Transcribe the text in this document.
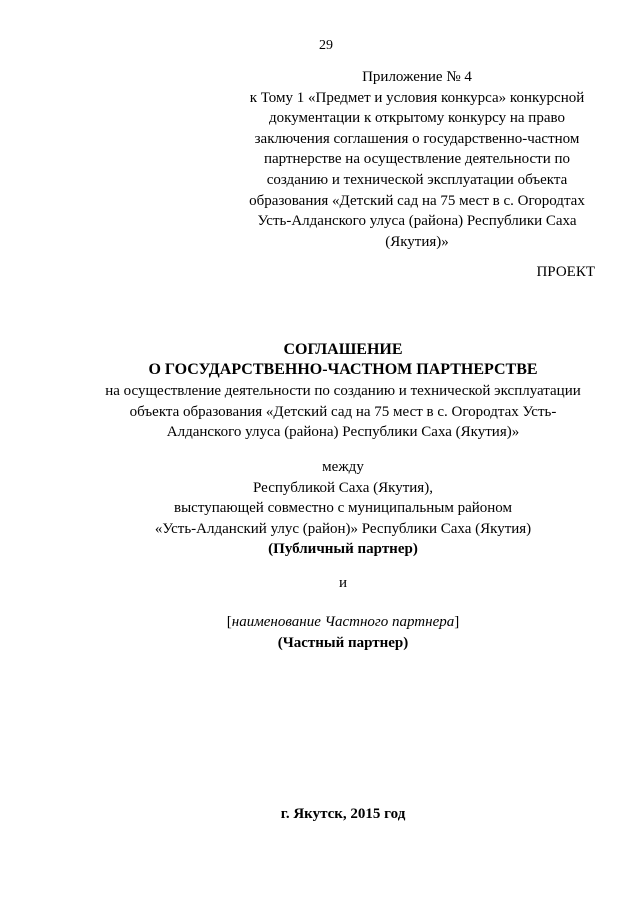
29
Приложение № 4
к Тому 1 «Предмет и условия конкурса» конкурсной
документации к открытому конкурсу на право
заключения соглашения о государственно-частном
партнерстве на осуществление деятельности по
созданию и технической эксплуатации объекта
образования «Детский сад на 75 мест в с. Огородтах
Усть-Алданского улуса (района) Республики Саха
(Якутия)»
ПРОЕКТ
СОГЛАШЕНИЕ
О ГОСУДАРСТВЕННО-ЧАСТНОМ ПАРТНЕРСТВЕ
на осуществление деятельности по созданию и технической эксплуатации
объекта образования «Детский сад на 75 мест в с. Огородтах Усть-
Алданского улуса (района) Республики Саха (Якутия)»
между
Республикой Саха (Якутия),
выступающей совместно с муниципальным районом
«Усть-Алданский улус (район)» Республики Саха (Якутия)
(Публичный партнер)
и
[наименование Частного партнера]
(Частный партнер)
г. Якутск, 2015 год
